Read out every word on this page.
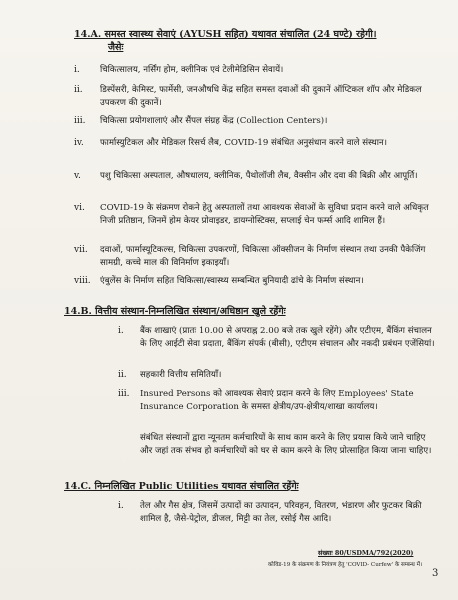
14.A. समस्त स्वास्थ्य सेवाएं (AYUSH सहित) यथावत संचालित (24 घण्टे) रहेगी।
जैसेः
i.	चिकित्सालय, नर्सिंग होम, क्लीनिक एवं टेलीमेडिसिन सेवायें।
ii.	डिस्पेंसरी, केमिस्ट, फार्मेसी, जनऔषधि केंद्र सहित समस्त दवाओं की दुकानें ऑप्टिकल शॉप और मेडिकल उपकरण की दुकानें।
iii.	चिकित्सा प्रयोगशालाएं और सैंपल संग्रह केंद्र (Collection Centers)।
iv.	फार्मास्युटिकल और मेडिकल रिसर्च लैब, COVID-19 संबंधित अनुसंधान करने वाले संस्थान।
v.	पशु चिकित्सा अस्पताल, औषधालय, क्लीनिक, पैथोलॉजी लैब, वैक्सीन और दवा की बिक्री और आपूर्ति।
vi.	COVID-19 के संक्रमण रोकने हेतु अस्पतालों तथा आवश्यक सेवाओं के सुविधा प्रदान करने वाले अधिकृत निजी प्रतिष्ठान, जिनमें होम केयर प्रोवाइडर, डायग्नोस्टिक्स, सप्लाई चेन फर्म्स आदि शामिल हैं।
vii.	दवाओं, फार्मास्यूटिकल्स, चिकित्सा उपकरणों, चिकित्सा ऑक्सीजन के निर्माण संस्थान तथा उनकी पैकेजिंग सामग्री, कच्चे माल की विनिर्माण इकाइयाँ।
viii.	एंबुलेंस के निर्माण सहित चिकित्सा/स्वास्थ्य सम्बन्धित बुनियादी ढांचे के निर्माण संस्थान।
14.B. वित्तीय संस्थान-निम्नलिखित संस्थान/अधिष्ठान खुले रहेंगेः
i.	बैंक शाखाएं (प्रातः 10.00 से अपराह्न 2.00 बजे तक खुले रहेंगे) और एटीएम, बैंकिंग संचालन के लिए आईटी सेवा प्रदाता, बैंकिंग संपर्क (बीसी), एटीएम संचालन और नकदी प्रबंधन एजेंसियां।
ii.	सहकारी वित्तीय समितियॉं।
iii.	Insured Persons को आवश्यक सेवाएं प्रदान करने के लिए Employees' State Insurance Corporation के समस्त क्षेत्रीय/उप-क्षेत्रीय/शाखा कार्यालय।
संबंधित संस्थानों द्वारा न्यूनतम कर्मचारियों के साथ काम करने के लिए प्रयास किये जाने चाहिए और जहां तक संभव हो कर्मचारियों को घर से काम करने के लिए प्रोत्साहित किया जाना चाहिए।
14.C. निम्नलिखित Public Utilities यथावत संचालित रहेंगेः
i.	तेल और गैस क्षेत्र, जिसमें उत्पादों का उत्पादन, परिवहन, वितरण, भंडारण और फुटकर बिक्री शामिल है, जैसे-पेट्रोल, डीजल, मिट्टी का तेल, रसोई गैस आदि।
संख्याः 80/USDMA/792(2020)
कोविड-19 के संक्रमण के नियंत्रण हेतु 'COVID- Curfew' के सम्बन्ध में।
3
